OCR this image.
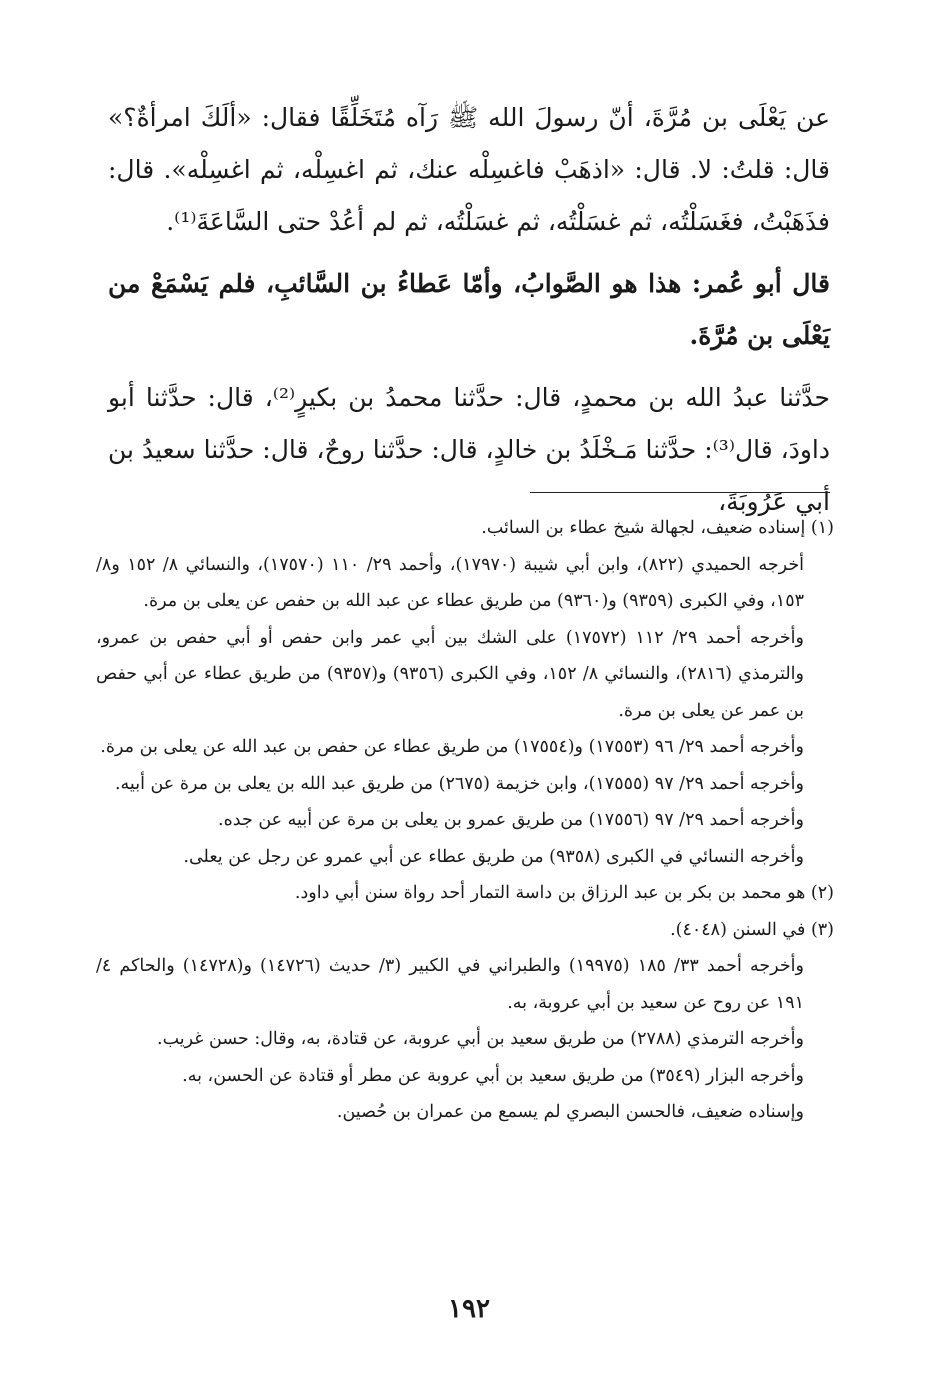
عن يَعْلَى بن مُرَّةَ، أنّ رسولَ الله ﷺ رَآه مُتَخَلِّقًا فقال: «ألَكَ امرأةٌ؟» قال: قلتُ: لا. قال: «اذهَبْ فاغسِلْه عنك، ثم اغسِلْه، ثم اغسِلْه». قال: فذَهَبْتُ، فغَسَلْتُه، ثم غسَلْتُه، ثم غسَلْتُه، ثم لم أعُدْ حتى السَّاعَةَ⁽¹⁾.

قال أبو عُمر: هذا هو الصَّوابُ، وأمّا عَطاءُ بن السَّائبِ، فلم يَسْمَعْ من يَعْلَى بن مُرَّةَ.

حدَّثنا عبدُ الله بن محمدٍ، قال: حدَّثنا محمدُ بن بكيرٍ⁽²⁾، قال: حدَّثنا أبو داودَ، قال⁽³⁾: حدَّثنا مَـخْلَدُ بن خالدٍ، قال: حدَّثنا روحٌ، قال: حدَّثنا سعيدُ بن أبي عَرُوبَةَ،

(١) إسناده ضعيف، لجهالة شيخ عطاء بن السائب.

أخرجه الحميدي (٨٢٢)، وابن أبي شيبة (١٧٩٧٠)، وأحمد ٢٩/ ١١٠ (١٧٥٧٠)، والنسائي ٨/ ١٥٢ و٨/ ١٥٣، وفي الكبرى (٩٣٥٩) و(٩٣٦٠) من طريق عطاء عن عبد الله بن حفص عن يعلى بن مرة.

وأخرجه أحمد ٢٩/ ١١٢ (١٧٥٧٢) على الشك بين أبي عمر وابن حفص أو أبي حفص بن عمرو، والترمذي (٢٨١٦)، والنسائي ٨/ ١٥٢، وفي الكبرى (٩٣٥٦) و(٩٣٥٧) من طريق عطاء عن أبي حفص بن عمر عن يعلى بن مرة.

وأخرجه أحمد ٢٩/ ٩٦ (١٧٥٥٣) و(١٧٥٥٤) من طريق عطاء عن حفص بن عبد الله عن يعلى بن مرة.

وأخرجه أحمد ٢٩/ ٩٧ (١٧٥٥٥)، وابن خزيمة (٢٦٧٥) من طريق عبد الله بن يعلى بن مرة عن أبيه.

وأخرجه أحمد ٢٩/ ٩٧ (١٧٥٥٦) من طريق عمرو بن يعلى بن مرة عن أبيه عن جده.

وأخرجه النسائي في الكبرى (٩٣٥٨) من طريق عطاء عن أبي عمرو عن رجل عن يعلى.

(٢) هو محمد بن بكر بن عبد الرزاق بن داسة التمار أحد رواة سنن أبي داود.

(٣) في السنن (٤٠٤٨).

وأخرجه أحمد ٣٣/ ١٨٥ (١٩٩٧٥) والطبراني في الكبير (٣/ حديث (١٤٧٢٦) و(١٤٧٢٨) والحاكم ٤/ ١٩١ عن روح عن سعيد بن أبي عروبة، به.

وأخرجه الترمذي (٢٧٨٨) من طريق سعيد بن أبي عروبة، عن قتادة، به، وقال: حسن غريب.

وأخرجه البزار (٣٥٤٩) من طريق سعيد بن أبي عروبة عن مطر أو قتادة عن الحسن، به.

وإسناده ضعيف، فالحسن البصري لم يسمع من عمران بن حُصين.

١٩٢
